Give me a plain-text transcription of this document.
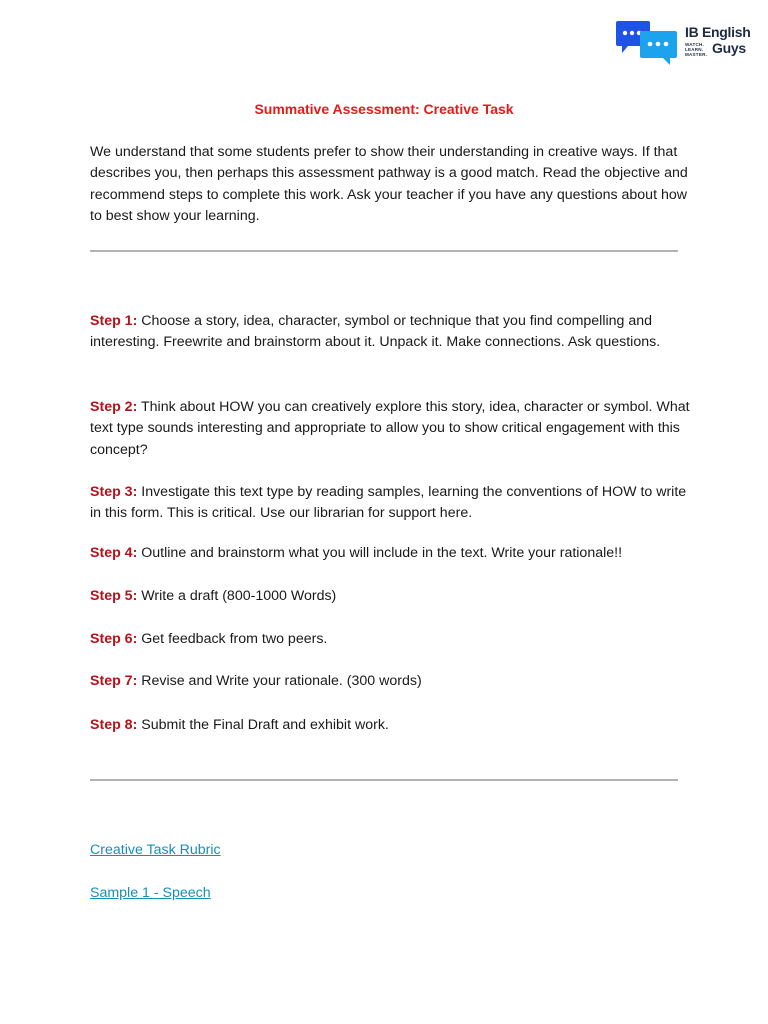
IB English
WATCH.
LEARN.
MASTER. Guys
Summative Assessment: Creative Task
We understand that some students prefer to show their understanding in creative ways. If that describes you, then perhaps this assessment pathway is a good match. Read the objective and recommend steps to complete this work. Ask your teacher if you have any questions about how to best show your learning.
Step 1: Choose a story, idea, character, symbol or technique that you find compelling and interesting. Freewrite and brainstorm about it. Unpack it. Make connections. Ask questions.
Step 2: Think about HOW you can creatively explore this story, idea, character or symbol. What text type sounds interesting and appropriate to allow you to show critical engagement with this concept?
Step 3: Investigate this text type by reading samples, learning the conventions of HOW to write in this form. This is critical. Use our librarian for support here.
Step 4: Outline and brainstorm what you will include in the text. Write your rationale!!
Step 5: Write a draft (800-1000 Words)
Step 6: Get feedback from two peers.
Step 7: Revise and Write your rationale. (300 words)
Step 8: Submit the Final Draft and exhibit work.
Creative Task Rubric
Sample 1 - Speech
